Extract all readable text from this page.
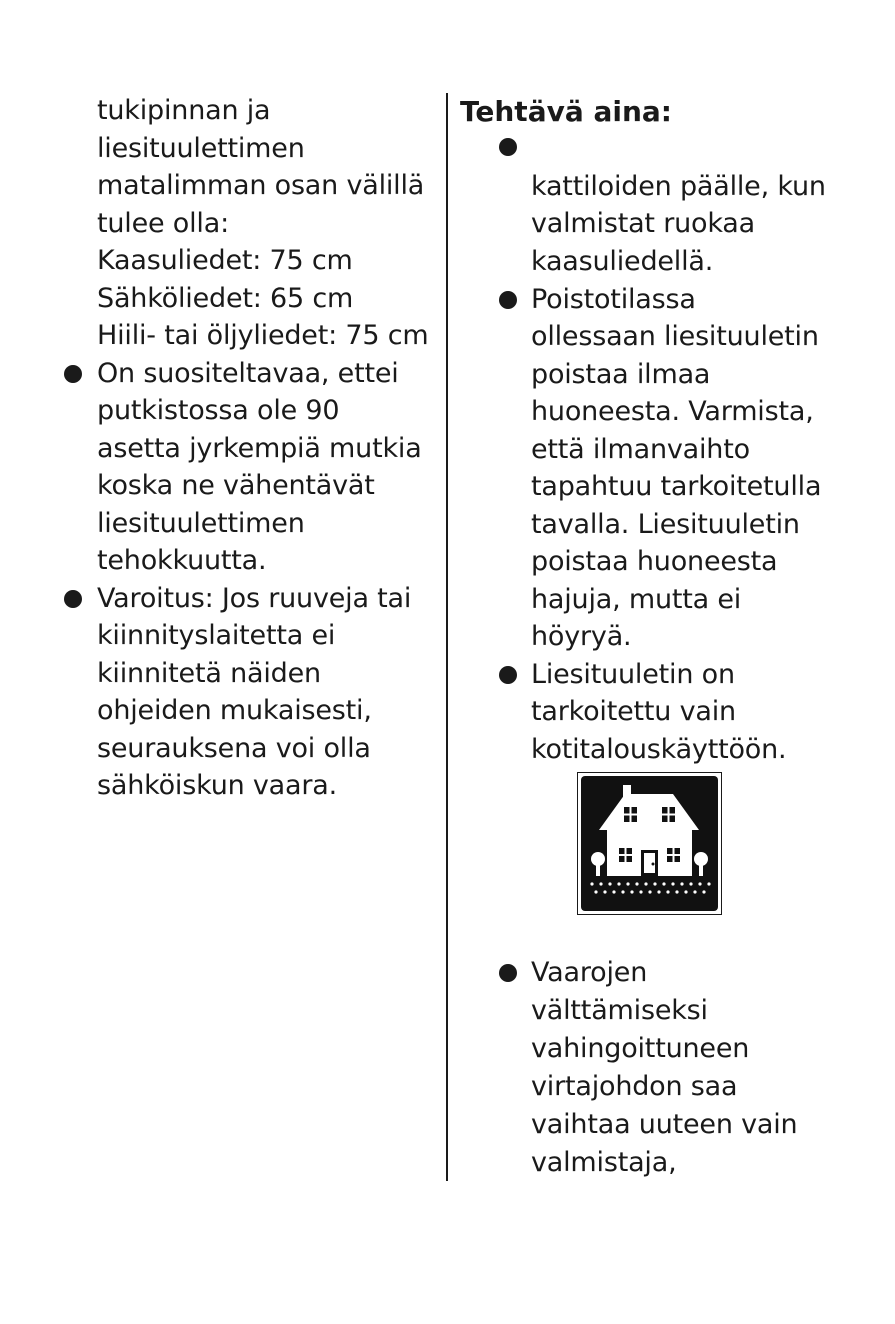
tukipinnan ja
liesituulettimen
matalimman osan välillä
tulee olla:
Kaasuliedet: 75 cm
Sähköliedet: 65 cm
Hiili- tai öljyliedet: 75 cm
On suositeltavaa, ettei
putkistossa ole 90
asetta jyrkempiä mutkia
koska ne vähentävät
liesituulettimen
tehokkuutta.
Varoitus: Jos ruuveja tai
kiinnityslaitetta ei
kiinnitetä näiden
ohjeiden mukaisesti,
seurauksena voi olla
sähköiskun vaara.
Tehtävä aina:
kattiloiden päälle, kun
valmistat ruokaa
kaasuliedellä.
Poistotilassa
ollessaan liesituuletin
poistaa ilmaa
huoneesta. Varmista,
että ilmanvaihto
tapahtuu tarkoitetulla
tavalla. Liesituuletin
poistaa huoneesta
hajuja, mutta ei
höyryä.
Liesituuletin on
tarkoitettu vain
kotitalouskäyttöön.
Vaarojen
välttämiseksi
vahingoittuneen
virtajohdon saa
vaihtaa uuteen vain
valmistaja,
